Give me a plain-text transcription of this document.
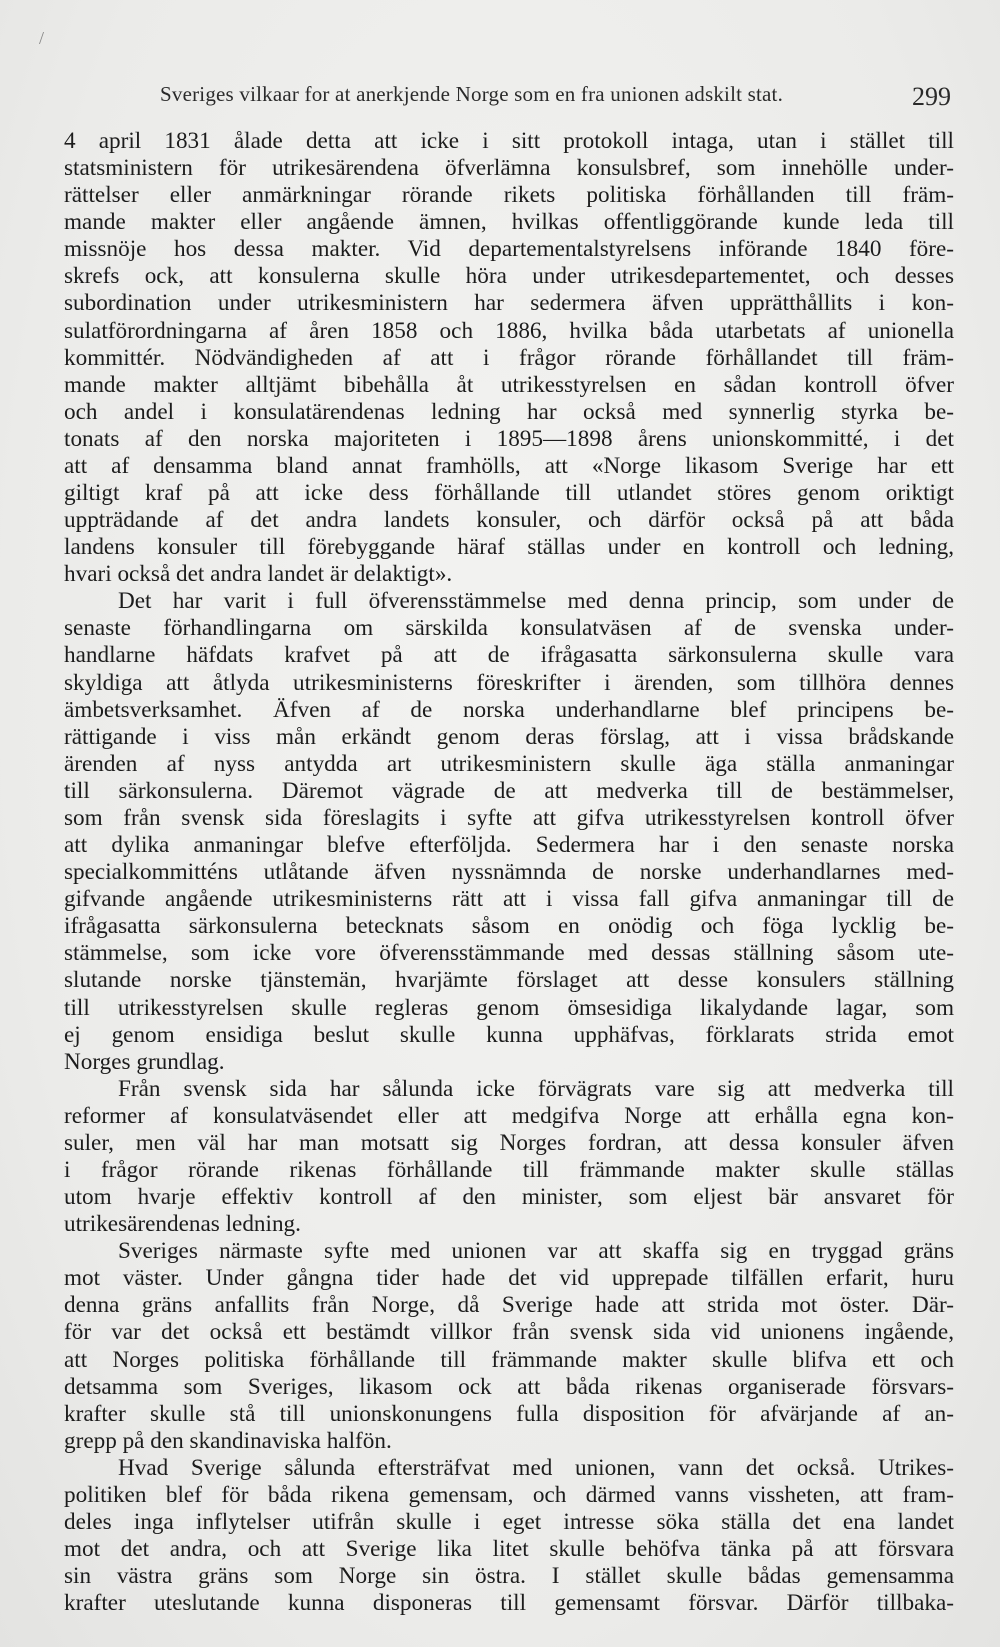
/
Sveriges vilkaar for at anerkjende Norge som en fra unionen adskilt stat.	299
4 april 1831 ålade detta att icke i sitt protokoll intaga, utan i stället till
statsministern för utrikesärendena öfverlämna konsulsbref, som innehölle under-
rättelser eller anmärkningar rörande rikets politiska förhållanden till främ-
mande makter eller angående ämnen, hvilkas offentliggörande kunde leda till
missnöje hos dessa makter. Vid departementalstyrelsens införande 1840 före-
skrefs ock, att konsulerna skulle höra under utrikesdepartementet, och desses
subordination under utrikesministern har sedermera äfven upprätthållits i kon-
sulatförordningarna af åren 1858 och 1886, hvilka båda utarbetats af unionella
kommittér. Nödvändigheden af att i frågor rörande förhållandet till främ-
mande makter alltjämt bibehålla åt utrikesstyrelsen en sådan kontroll öfver
och andel i konsulatärendenas ledning har också med synnerlig styrka be-
tonats af den norska majoriteten i 1895—1898 årens unionskommitté, i det
att af densamma bland annat framhölls, att «Norge likasom Sverige har ett
giltigt kraf på att icke dess förhållande till utlandet störes genom oriktigt
uppträdande af det andra landets konsuler, och därför också på att båda
landens konsuler till förebyggande häraf ställas under en kontroll och ledning,
hvari också det andra landet är delaktigt».
Det har varit i full öfverensstämmelse med denna princip, som under de
senaste förhandlingarna om särskilda konsulatväsen af de svenska under-
handlarne häfdats krafvet på att de ifrågasatta särkonsulerna skulle vara
skyldiga att åtlyda utrikesministerns föreskrifter i ärenden, som tillhöra dennes
ämbetsverksamhet. Äfven af de norska underhandlarne blef principens be-
rättigande i viss mån erkändt genom deras förslag, att i vissa brådskande
ärenden af nyss antydda art utrikesministern skulle äga ställa anmaningar
till särkonsulerna. Däremot vägrade de att medverka till de bestämmelser,
som från svensk sida föreslagits i syfte att gifva utrikesstyrelsen kontroll öfver
att dylika anmaningar blefve efterföljda. Sedermera har i den senaste norska
specialkommitténs utlåtande äfven nyssnämnda de norske underhandlarnes med-
gifvande angående utrikesministerns rätt att i vissa fall gifva anmaningar till de
ifrågasatta särkonsulerna betecknats såsom en onödig och föga lycklig be-
stämmelse, som icke vore öfverensstämmande med dessas ställning såsom ute-
slutande norske tjänstemän, hvarjämte förslaget att desse konsulers ställning
till utrikesstyrelsen skulle regleras genom ömsesidiga likalydande lagar, som
ej genom ensidiga beslut skulle kunna upphäfvas, förklarats strida emot
Norges grundlag.
Från svensk sida har sålunda icke förvägrats vare sig att medverka till
reformer af konsulatväsendet eller att medgifva Norge att erhålla egna kon-
suler, men väl har man motsatt sig Norges fordran, att dessa konsuler äfven
i frågor rörande rikenas förhållande till främmande makter skulle ställas
utom hvarje effektiv kontroll af den minister, som eljest bär ansvaret för
utrikesärendenas ledning.
Sveriges närmaste syfte med unionen var att skaffa sig en tryggad gräns
mot väster. Under gångna tider hade det vid upprepade tilfällen erfarit, huru
denna gräns anfallits från Norge, då Sverige hade att strida mot öster. Där-
för var det också ett bestämdt villkor från svensk sida vid unionens ingående,
att Norges politiska förhållande till främmande makter skulle blifva ett och
detsamma som Sveriges, likasom ock att båda rikenas organiserade försvars-
krafter skulle stå till unionskonungens fulla disposition för afvärjande af an-
grepp på den skandinaviska halfön.
Hvad Sverige sålunda eftersträfvat med unionen, vann det också. Utrikes-
politiken blef för båda rikena gemensam, och därmed vanns vissheten, att fram-
deles inga inflytelser utifrån skulle i eget intresse söka ställa det ena landet
mot det andra, och att Sverige lika litet skulle behöfva tänka på att försvara
sin västra gräns som Norge sin östra. I stället skulle bådas gemensamma
krafter uteslutande kunna disponeras till gemensamt försvar. Därför tillbaka-
